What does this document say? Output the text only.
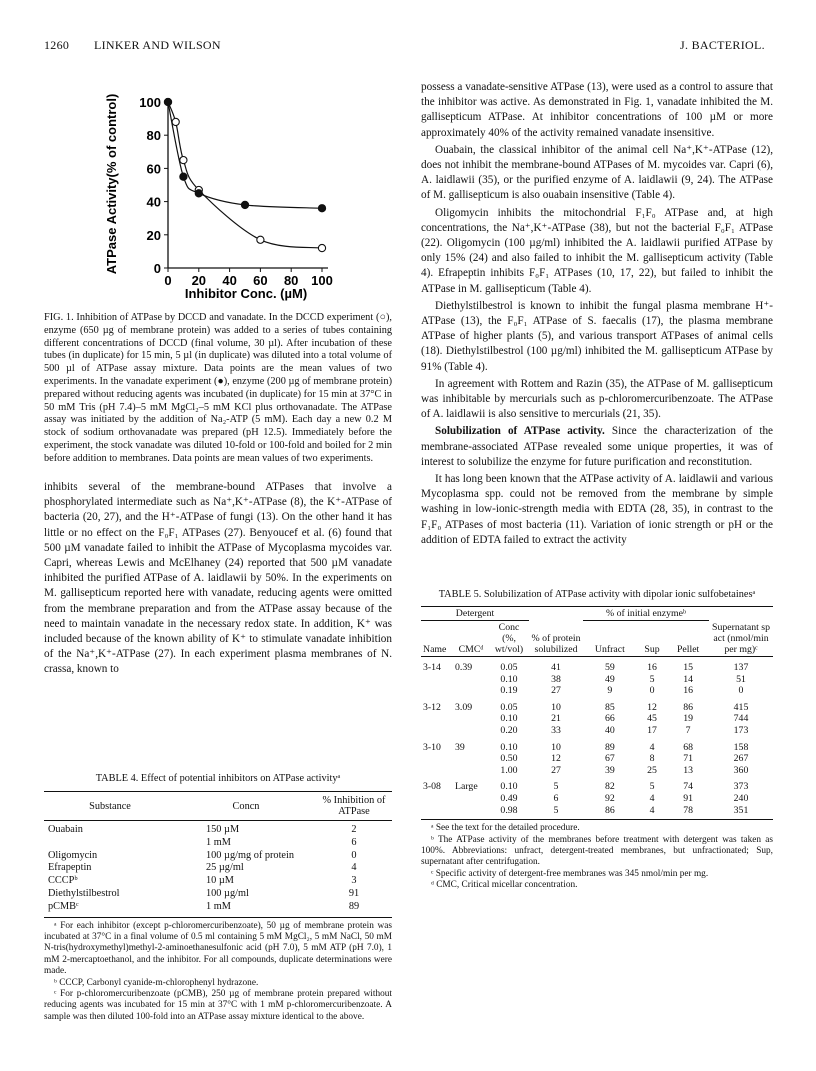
1260 LINKER AND WILSON	J. BACTERIOL.
ATPase Activity(% of control)
Inhibitor Conc. (µM)
0
20
40
60
80
100
0 20 40 60 80 100
FIG. 1. Inhibition of ATPase by DCCD and vanadate. In the DCCD experiment (○), enzyme (650 µg of membrane protein) was added to a series of tubes containing different concentrations of DCCD (final volume, 30 µl). After incubation of these tubes (in duplicate) for 15 min, 5 µl (in duplicate) was diluted into a total volume of 500 µl of ATPase assay mixture. Data points are the mean values of two experiments. In the vanadate experiment (●), enzyme (200 µg of membrane protein) prepared without reducing agents was incubated (in duplicate) for 15 min at 37°C in 50 mM Tris (pH 7.4)–5 mM MgCl₂–5 mM KCl plus orthovanadate. The ATPase assay was initiated by the addition of Na₂-ATP (5 mM). Each day a new 0.2 M stock of sodium orthovanadate was prepared (pH 12.5). Immediately before the experiment, the stock vanadate was diluted 10-fold or 100-fold and boiled for 2 min before addition to membranes. Data points are mean values of two experiments.

inhibits several of the membrane-bound ATPases that involve a phosphorylated intermediate such as Na⁺,K⁺-ATPase (8), the K⁺-ATPase of bacteria (20, 27), and the H⁺-ATPase of fungi (13). On the other hand it has little or no effect on the F₀F₁ ATPases (27). Benyoucef et al. (6) found that 500 µM vanadate failed to inhibit the ATPase of Mycoplasma mycoides var. Capri, whereas Lewis and McElhaney (24) reported that 500 µM vanadate inhibited the purified ATPase of A. laidlawii by 50%. In the experiments on M. gallisepticum reported here with vanadate, reducing agents were omitted from the membrane preparation and from the ATPase assay because of the need to maintain vanadate in the necessary redox state. In addition, K⁺ was included because of the known ability of K⁺ to stimulate vanadate inhibition of the Na⁺,K⁺-ATPase (27). In each experiment plasma membranes of N. crassa, known to

TABLE 4. Effect of potential inhibitors on ATPase activityᵃ
Substance	Concn	% Inhibition of ATPase
Ouabain	150 µM	2
	1 mM	6
Oligomycin	100 µg/mg of protein	0
Efrapeptin	25 µg/ml	4
CCCPᵇ	10 µM	3
Diethylstilbestrol	100 µg/ml	91
pCMBᶜ	1 mM	89

ᵃ For each inhibitor (except p-chloromercuribenzoate), 50 µg of membrane protein was incubated at 37°C in a final volume of 0.5 ml containing 5 mM MgCl₂, 5 mM NaCl, 50 mM N-tris(hydroxymethyl)methyl-2-aminoethanesulfonic acid (pH 7.0), 5 mM ATP (pH 7.0), 1 mM 2-mercaptoethanol, and the inhibitor. For all compounds, duplicate determinations were made.

ᵇ CCCP, Carbonyl cyanide-m-chlorophenyl hydrazone.

ᶜ For p-chloromercuribenzoate (pCMB), 250 µg of membrane protein prepared without reducing agents was incubated for 15 min at 37°C with 1 mM p-chloromercuribenzoate. A sample was then diluted 100-fold into an ATPase assay mixture identical to the above.

possess a vanadate-sensitive ATPase (13), were used as a control to assure that the inhibitor was active. As demonstrated in Fig. 1, vanadate inhibited the M. gallisepticum ATPase. At inhibitor concentrations of 100 µM or more approximately 40% of the activity remained vanadate insensitive.

Ouabain, the classical inhibitor of the animal cell Na⁺,K⁺-ATPase (12), does not inhibit the membrane-bound ATPases of M. mycoides var. Capri (6), A. laidlawii (35), or the purified enzyme of A. laidlawii (9, 24). The ATPase of M. gallisepticum is also ouabain insensitive (Table 4).

Oligomycin inhibits the mitochondrial F₁F₀ ATPase and, at high concentrations, the Na⁺,K⁺-ATPase (38), but not the bacterial F₀F₁ ATPase (22). Oligomycin (100 µg/ml) inhibited the A. laidlawii purified ATPase by only 15% (24) and also failed to inhibit the M. gallisepticum activity (Table 4). Efrapeptin inhibits F₀F₁ ATPases (10, 17, 22), but failed to inhibit the ATPase in M. gallisepticum (Table 4).

Diethylstilbestrol is known to inhibit the fungal plasma membrane H⁺-ATPase (13), the F₀F₁ ATPase of S. faecalis (17), the plasma membrane ATPase of higher plants (5), and various transport ATPases of animal cells (18). Diethylstilbestrol (100 µg/ml) inhibited the M. gallisepticum ATPase by 91% (Table 4).

In agreement with Rottem and Razin (35), the ATPase of M. gallisepticum was inhibitable by mercurials such as p-chloromercuribenzoate. The ATPase of A. laidlawii is also sensitive to mercurials (21, 35).

Solubilization of ATPase activity. Since the characterization of the membrane-associated ATPase revealed some unique properties, it was of interest to solubilize the enzyme for future purification and reconstitution.

It has long been known that the ATPase activity of A. laidlawii and various Mycoplasma spp. could not be removed from the membrane by simple washing in low-ionic-strength media with EDTA (28, 35), in contrast to the F₁F₀ ATPases of most bacteria (11). Variation of ionic strength or pH or the addition of EDTA failed to extract the activity

TABLE 5. Solubilization of ATPase activity with dipolar ionic sulfobetainesᵃ
Detergent			% of protein solubilized	% of initial enzymeᵇ			Supernatant sp act (nmol/min per mg)ᶜ
Name	CMCᵈ	Conc (%, wt/vol)		Unfract	Sup	Pellet	
3-14	0.39	0.05	41	59	16	15	137
		0.10	38	49	5	14	51
		0.19	27	9	0	16	0
3-12	3.09	0.05	10	85	12	86	415
		0.10	21	66	45	19	744
		0.20	33	40	17	7	173
3-10	39	0.10	10	89	4	68	158
		0.50	12	67	8	71	267
		1.00	27	39	25	13	360
3-08	Large	0.10	5	82	5	74	373
		0.49	6	92	4	91	240
		0.98	5	86	4	78	351

ᵃ See the text for the detailed procedure.

ᵇ The ATPase activity of the membranes before treatment with detergent was taken as 100%. Abbreviations: unfract, detergent-treated membranes, but unfractionated; Sup, supernatant after centrifugation.

ᶜ Specific activity of detergent-free membranes was 345 nmol/min per mg.

ᵈ CMC, Critical micellar concentration.
